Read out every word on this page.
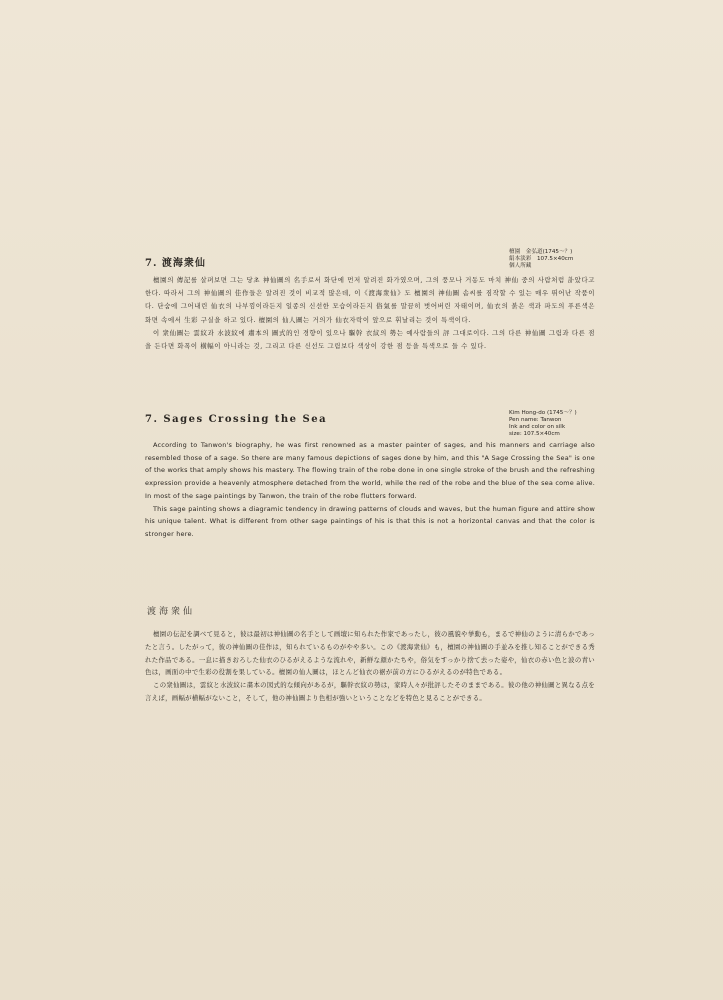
7. 渡海衆仙
檀園　金弘道(1745～？)
絹本淡彩　107.5×40cm
個人所藏

檀園의 傳記를 살펴보면 그는 당초 神仙圖의 名手로서 화단에 먼저 알려진 화가였으며, 그의 풍모나 거동도 마치 神仙 중의 사람처럼 訃았다고 한다. 따라서 그의 神仙圖의 佳作들은 알려진 것이 비교적 많은데, 이《渡海衆仙》도 檀園의 神仙圖 솜씨를 짐작할 수 있는 매우 뛰어난 작품이다. 단숨에 그어내린 仙衣의 나부낌이라든지 일종의 신선한 모습이라든지 俗氣를 말끔히 벗어버린 자태이며, 仙衣의 붉은 색과 파도의 푸른색은 화면 속에서 生彩 구실을 하고 있다. 檀園의 仙人圖는 거의가 仙衣자락이 앞으로 휘날리는 것이 특색이다.

이 衆仙圖는 雲紋과 水波紋에 肅本의 圖式的인 경향이 있으나 驅幹 衣紋의 勢는 예사람들의 評 그대로이다. 그의 다른 神仙圖 그림과 다른 점을 든다면 화폭이 橫幅이 아니라는 것, 그리고 다른 신선도 그림보다 색상이 강한 점 등을 특색으로 들 수 있다.

7. Sages Crossing the Sea
Kim Hong-do (1745～？)
Pen name: Tanwon
Ink and color on silk
size: 107.5×40cm

According to Tanwon's biography, he was first renowned as a master painter of sages, and his manners and carriage also resembled those of a sage. So there are many famous depictions of sages done by him, and this "A Sage Crossing the Sea" is one of the works that amply shows his mastery. The flowing train of the robe done in one single stroke of the brush and the refreshing expression provide a heavenly atmosphere detached from the world, while the red of the robe and the blue of the sea come alive. In most of the sage paintings by Tanwon, the train of the robe flutters forward.

This sage painting shows a diagramic tendency in drawing patterns of clouds and waves, but the human figure and attire show his unique talent. What is different from other sage paintings of his is that this is not a horizontal canvas and that the color is stronger here.

渡海衆仙

檀園の伝記を調べて見ると，彼は最初は神仙圖の名手として画壇に知られた作家であったし，彼の風貌や挙動も，まるで神仙のように清らかであったと言う。したがって，彼の神仙圖の佳作は，知られているものがやや多い。この《渡海衆仙》も，檀園の神仙圖の手並みを推し知ることができる秀れた作品である。一息に描きおろした仙衣のひるがえるような流れや，新鮮な顔かたちや，俗気をすっかり捨て去った姿や，仙衣の赤い色と波の青い色は，画面の中で生彩の役割を果している。檀園の仙人圖は，ほとんど仙衣の裾が前の方にひるがえるのが特色である。

この衆仙圖は，雲紋と水波紋に粛本の図式的な傾向があるが，驅幹衣紋の勢は，家時人々が批評したそのままである。彼の他の神仙圖と異なる点を言えば，画幅が横幅がないこと，そして，他の神仙圖より色相が強いということなどを特色と見ることができる。
